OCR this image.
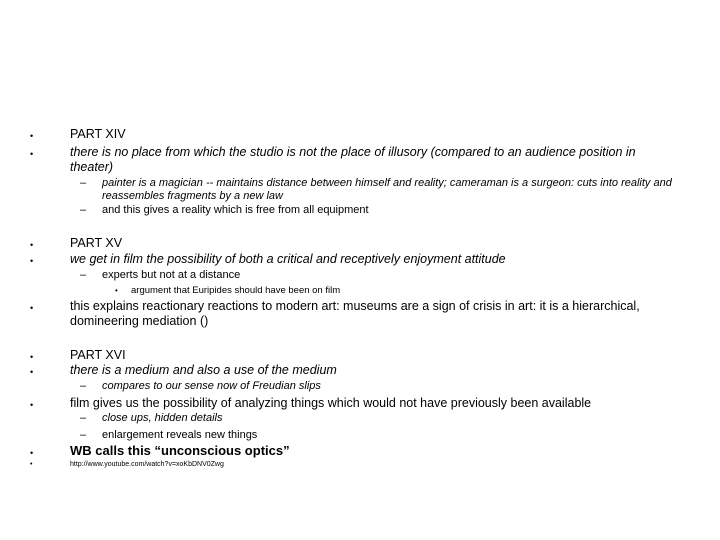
•	PART XIV
•	there is no place from which the studio is not the place of illusory (compared to an audience position in theater)
– painter is a magician -- maintains distance between himself and reality; cameraman is a surgeon: cuts into reality and reassembles fragments by a new law
– and this gives a reality which is free from all equipment
•	PART XV
•	we get in film the possibility of both a critical and receptively enjoyment attitude
– experts but not at a distance
• argument that Euripides should have been on film
•	this explains reactionary reactions to modern art: museums are a sign of crisis in art: it is a hierarchical, domineering mediation ()
•	PART XVI
•	there is a medium and also a use of the medium
– compares to our sense now of Freudian slips
•	film gives us the possibility of analyzing things which would not have previously been available
– close ups, hidden details
– enlargement reveals new things
•	WB calls this “unconscious optics”
•	http://www.youtube.com/watch?v=xoKbDNV0Zwg
